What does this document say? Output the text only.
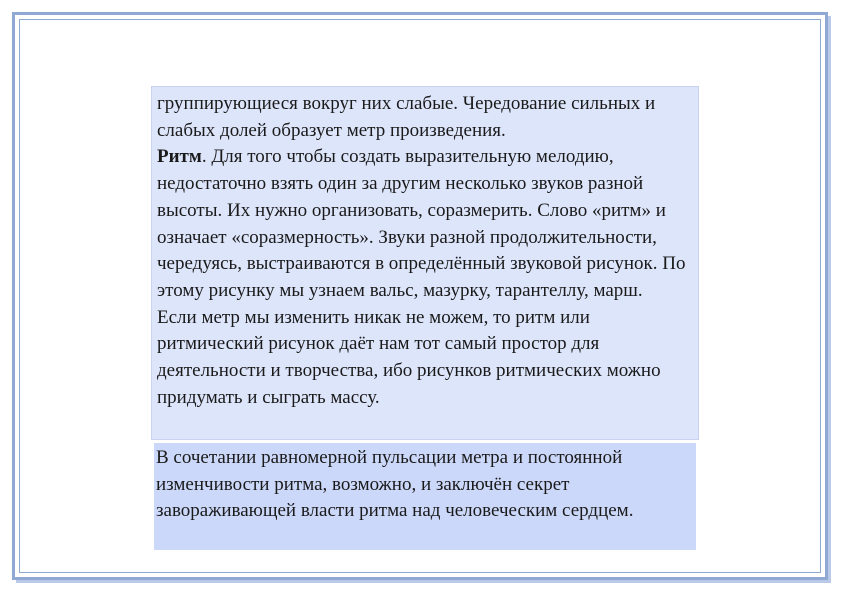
группирующиеся вокруг них слабые. Чередование сильных и слабых долей образует метр произведения.

Ритм. Для того чтобы создать выразительную мелодию, недостаточно взять один за другим несколько звуков разной высоты. Их нужно организовать, соразмерить. Слово «ритм» и означает «соразмерность». Звуки разной продолжительности, чередуясь, выстраиваются в определённый звуковой рисунок. По этому рисунку мы узнаем вальс, мазурку, тарантеллу, марш.

Если метр мы изменить никак не можем, то ритм или ритмический рисунок даёт нам тот самый простор для деятельности и творчества, ибо рисунков ритмических можно придумать и сыграть массу.

В сочетании равномерной пульсации метра и постоянной изменчивости ритма, возможно, и заключён секрет завораживающей власти ритма над человеческим сердцем.
